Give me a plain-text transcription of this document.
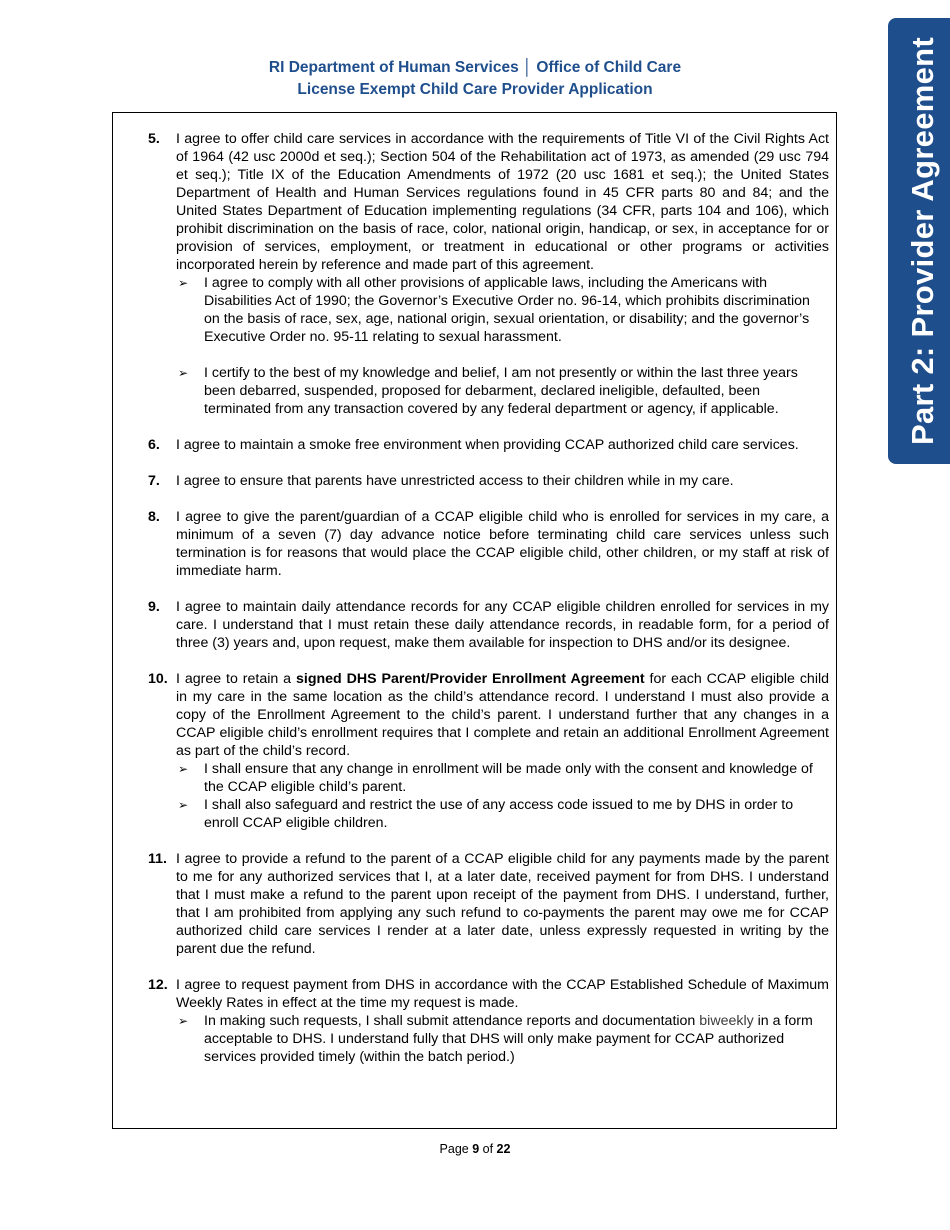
RI Department of Human Services │ Office of Child Care
License Exempt Child Care Provider Application	Part 2: Provider Agreement
5. I agree to offer child care services in accordance with the requirements of Title VI of the Civil Rights Act of 1964 (42 usc 2000d et seq.); Section 504 of the Rehabilitation act of 1973, as amended (29 usc 794 et seq.); Title IX of the Education Amendments of 1972 (20 usc 1681 et seq.); the United States Department of Health and Human Services regulations found in 45 CFR parts 80 and 84; and the United States Department of Education implementing regulations (34 CFR, parts 104 and 106), which prohibit discrimination on the basis of race, color, national origin, handicap, or sex, in acceptance for or provision of services, employment, or treatment in educational or other programs or activities incorporated herein by reference and made part of this agreement.
➢ I agree to comply with all other provisions of applicable laws, including the Americans with Disabilities Act of 1990; the Governor’s Executive Order no. 96-14, which prohibits discrimination on the basis of race, sex, age, national origin, sexual orientation, or disability; and the governor’s Executive Order no. 95-11 relating to sexual harassment.
➢ I certify to the best of my knowledge and belief, I am not presently or within the last three years been debarred, suspended, proposed for debarment, declared ineligible, defaulted, been terminated from any transaction covered by any federal department or agency, if applicable.
6. I agree to maintain a smoke free environment when providing CCAP authorized child care services.
7. I agree to ensure that parents have unrestricted access to their children while in my care.
8. I agree to give the parent/guardian of a CCAP eligible child who is enrolled for services in my care, a minimum of a seven (7) day advance notice before terminating child care services unless such termination is for reasons that would place the CCAP eligible child, other children, or my staff at risk of immediate harm.
9. I agree to maintain daily attendance records for any CCAP eligible children enrolled for services in my care. I understand that I must retain these daily attendance records, in readable form, for a period of three (3) years and, upon request, make them available for inspection to DHS and/or its designee.
10. I agree to retain a signed DHS Parent/Provider Enrollment Agreement for each CCAP eligible child in my care in the same location as the child’s attendance record. I understand I must also provide a copy of the Enrollment Agreement to the child’s parent. I understand further that any changes in a CCAP eligible child’s enrollment requires that I complete and retain an additional Enrollment Agreement as part of the child’s record.
➢ I shall ensure that any change in enrollment will be made only with the consent and knowledge of the CCAP eligible child’s parent.
➢ I shall also safeguard and restrict the use of any access code issued to me by DHS in order to enroll CCAP eligible children.
11. I agree to provide a refund to the parent of a CCAP eligible child for any payments made by the parent to me for any authorized services that I, at a later date, received payment for from DHS. I understand that I must make a refund to the parent upon receipt of the payment from DHS. I understand, further, that I am prohibited from applying any such refund to co-payments the parent may owe me for CCAP authorized child care services I render at a later date, unless expressly requested in writing by the parent due the refund.
12. I agree to request payment from DHS in accordance with the CCAP Established Schedule of Maximum Weekly Rates in effect at the time my request is made.
➢ In making such requests, I shall submit attendance reports and documentation biweekly in a form acceptable to DHS. I understand fully that DHS will only make payment for CCAP authorized services provided timely (within the batch period.)
Page 9 of 22
